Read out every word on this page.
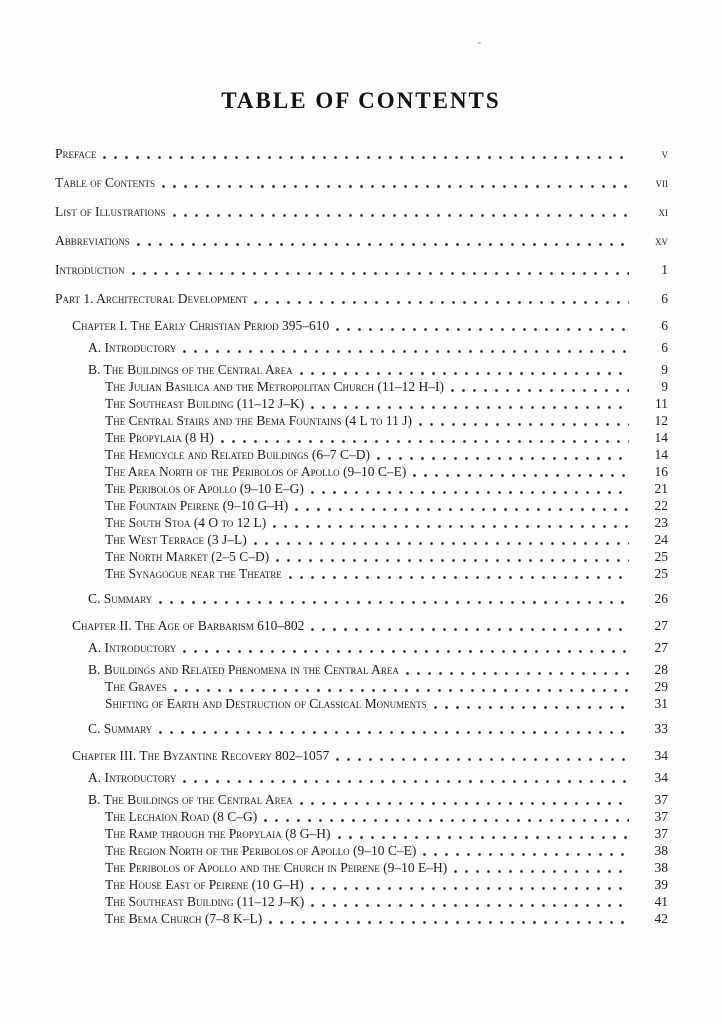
TABLE OF CONTENTS
Preface	v
Table of Contents	vii
List of Illustrations	xi
Abbreviations	xv
Introduction	1
Part 1. Architectural Development	6
Chapter I. The Early Christian Period 395–610	6
A. Introductory	6
B. The Buildings of the Central Area	9
The Julian Basilica and the Metropolitan Church (11–12 H–I)	9
The Southeast Building (11–12 J–K)	11
The Central Stairs and the Bema Fountains (4 L to 11 J)	12
The Propylaia (8 H)	14
The Hemicycle and Related Buildings (6–7 C–D)	14
The Area North of the Peribolos of Apollo (9–10 C–E)	16
The Peribolos of Apollo (9–10 E–G)	21
The Fountain Peirene (9–10 G–H)	22
The South Stoa (4 O to 12 L)	23
The West Terrace (3 J–L)	24
The North Market (2–5 C–D)	25
The Synagogue near the Theatre	25
C. Summary	26
Chapter II. The Age of Barbarism 610–802	27
A. Introductory	27
B. Buildings and Related Phenomena in the Central Area	28
The Graves	29
Shifting of Earth and Destruction of Classical Monuments	31
C. Summary	33
Chapter III. The Byzantine Recovery 802–1057	34
A. Introductory	34
B. The Buildings of the Central Area	37
The Lechaion Road (8 C–G)	37
The Ramp through the Propylaia (8 G–H)	37
The Region North of the Peribolos of Apollo (9–10 C–E)	38
The Peribolos of Apollo and the Church in Peirene (9–10 E–H)	38
The House East of Peirene (10 G–H)	39
The Southeast Building (11–12 J–K)	41
The Bema Church (7–8 K–L)	42
